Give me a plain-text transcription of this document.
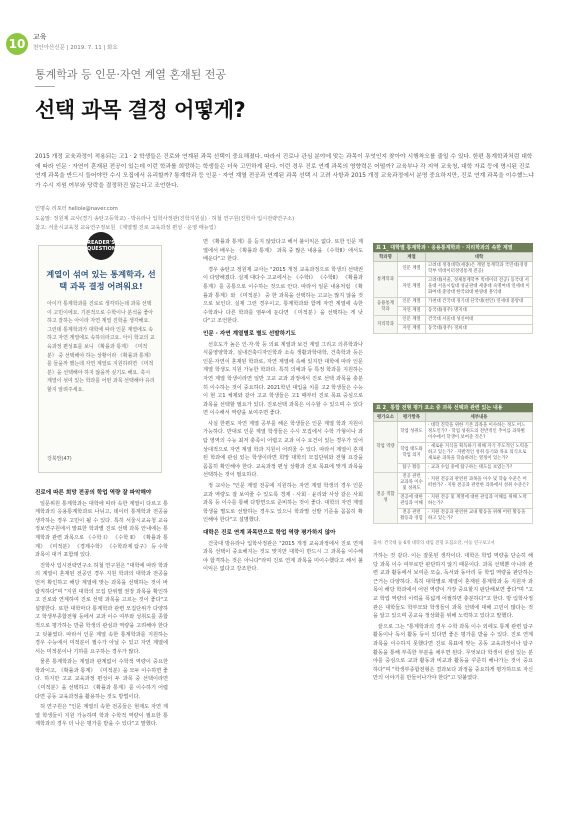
10	교육
천안아산신문 | 2019. 7. 11 | 화요
통계학과 등 인문·자연 계열 혼재된 전공
선택 과목 결정 어떻게?

2015 개정 교육과정이 적용되는 고1 · 2 학생들은 진로와 연계된 과목 선택이 중요해졌다. 따라서 진로나 관심 분야에 맞는 과목이 무엇인지 찾아야 시행착오를 줄일 수 있다. 한편 통계학과처럼 대학에 따라 인문 · 자연이 혼재된 전공이 있는데 이런 학과를 희망하는 학생들은 더욱 고민하게 된다. 이런 경우 진로 연계 과목의 영향력은 어떨까? 교육부나 각 지역 교육청, 대학 자료 등에 명시된 진로 연계 과목을 반드시 들어야만 수시 모집에서 유리할까? 통계학과 등 인문 · 자연 계열 전공과 연계된 과목 선택 시 고려 사항과 2015 개정 교육과정에서 분명 중요하지만, 진로 연계 과목을 이수했느냐가 수시 지원 여부와 당락을 결정하진 않는다고 조언한다.

인명숙 리포터 hellole@naver.com
도움말: 정원제 교사(경기 송탄고등학교) · 박유라나 입학사정관(진학지원실) · 허철 연구원(진학사 입시전략연구소)
참고: 서울시교육청 교육연구정보원 《계열별 진로 교육과정 편성 · 운영 매뉴얼》
READER'S
QUESTION
계열이 섞여 있는 통계학과, 선택 과목 결정 어려워요!
아이가 통계학과를 진로로 생각하는데 과목 선택이 고민이에요. 기본적으로 수학이나 분석을 좋아하고 잘하는 아이라 자연 계열 진학을 생각해요. 그런데 통계학과가 대학에 따라 인문 계열에도 속하고 자연 계열에도 속하더라고요. 아이 학교의 교육과정 편성표를 보니 《확률과 통계》 《미적분》 중 선택해야 하는 상황이라 《확률과 통계》를 들을까 했는데 자연 계열로 지원하려면 《미적분》을 선택해야 하지 않을까 싶기도 해요. 혹시 계열이 섞여 있는 학과를 어떤 과목 선택해야 유리할지 알려주세요.
강북맘(47)
진로에 따른 희망 전공의 학업 역량 잘 파악해야

일문위원 통계학과는 대학에 따라 속한 계열이 다르고 통계학과의 응용통계학과로 나뉘고, 데이터 통계학과 전공을 생각하는 경우 고민이 될 수 있다. 특히 서울시교육청 교육정보연구원에서 발표한 학과별 진로 선택 과목 안내에는 통계학과 관련 과목으로 《수학 Ⅰ》 《수학 Ⅱ》 《확률과 통계》 《미적분》 《경제수학》 《수학과제 탐구》 등 수학 과목이 대거 포함돼 있다.

진학사 입시전략연구소 허철 연구원은 "대학에 따라 학과의 계열이 혼재된 전공인 경우 지원 학과의 대학과 전공을 먼저 확인하고 해당 계열에 맞는 과목을 선택하는 것이 바람직하다"며 "지원 대학의 모집 단위별 권장 과목을 확인하고 진로와 연계하여 진로 선택 과목을 고르는 것이 좋다"고 설명한다. 또한 대학마다 통계학과 관련 모집단위가 다양하고 학생부종합전형 등에서 교과 이수 여부와 성취도를 종합적으로 평가하는 만큼 학생의 관심과 역량을 고려해야 한다고 덧붙였다. 따라서 인문 계열 속한 통계학과를 지원하는 경우 수능에서 미적분이 필수가 아닐 수 있고 자연 계열에서는 미적분이나 기하를 요구하는 경우가 많다.

물론 통계학과는 계열과 관계없이 수학적 역량이 중요한 학과이고, 《확률과 통계》 《미적분》을 모두 이수하면 좋다. 하지만 고교 교육과정 편성이 두 과목 중 선택이라면 《미적분》을 선택하고 《확률과 통계》를 이수하기 어렵다면 공동 교육과정을 활용하는 것도 방법이다.

허 연구원은 "인문 계열의 속한 전공들은 현재도 자연 계열 학생들이 지원 가능하며 학과 수학적 역량이 필요한 통계학과의 경우 더 나은 평가를 받을 수 있다"고 말했다.

면 《확률과 통계》를 듣지 않았다고 해서 불이익은 없다. 또한 인문 계열에서 배우는 《확률과 통계》 과목 중 많은 내용을 《수학Ⅱ》에서도 배운다"고 한다.

경우 송탄고 정원제 교사는 "2015 개정 교육과정으로 학생의 선택권이 다양해졌다. 실제 대다수 고교에서는 《수학Ⅰ》 《수학Ⅱ》 《확률과 통계》를 공통으로 이수하는 것으로 안다. 따라서 일문 내용처럼 《확률과 통계》와 《미적분》 중 한 과목을 선택하는 고교는 많지 않을 것으로 보인다. 실제 그런 경우이고, 통계학과와 함께 자연 계열에 속한 수학과나 다른 학과를 염두에 둔다면 《미적분》을 선택하는 게 낫다"고 조언한다.

인문 · 자연 계열별로 별도 선발하기도

선호도가 높은 인·자·학 등 의료 계열과 보건 계열 그리고 의류학과나 식품영양학과, 실내건축디자인학과 소속 생활과학대학, 건축학과 등은 인문·자연이 혼재된 학과로, 자연 계열에 속해 있지만 대학에 따라 인문 계열 학생도 지원 가능한 학과다. 특히 의예과 등 특정 학과를 지원하는 자연 계열 학생이라면 일반 고교 교과 과정에서 진로 선택 과목을 충분히 이수하는 것이 중요하다. 2021학년 대입을 치를 고2 학생들은 수능이 현 고1 체제와 같아 고교 학생들은 고1 때부터 진로 목표 중심으로 과목을 선택할 필요가 있다. 진로선택 과목은 이수할 수 있으며 수 있다면 이수해서 역량을 보여주면 좋다.

사실 한편도 자연 계열 공부를 해온 학생들은 인문 계열 학과 지원이 가능하다. 반대로 인문 계열 학생들은 수시 모집에서 수학 가형이나 과탐 영역의 수능 최저 충족이 어렵고 교과 이수 요건이 있는 경우가 있어 상대적으로 자연 계열 학과 지원이 어려울 수 있다. 따라서 계열이 혼재된 학과에 관심 있는 학생이라면 희망 대학의 모집단위와 전형 요강을 꼼꼼히 확인해야 한다. 교육과정 편성 상황과 진로 목표에 맞게 과목을 선택하는 것이 필요하다.

정 교사는 "인문 계열 전공에 지원하는 자연 계열 학생의 경우 인문 교과 역량도 잘 보여줄 수 있도록 경제 · 사회 · 윤리와 사상 같은 사회 과목 등 이수를 통해 다방면으로 준비하는 것이 좋다. 대학의 자연 계열 학생을 별도로 선발하는 경우도 있으니 학과별 선발 기준을 꼼꼼히 확인해야 한다"고 설명했다.

대학은 진로 연계 과목만으로 학업 역량 평가하지 않아

건국대 방유라나 입학사정관은 "2015 개정 교육과정에서 진로 연계 과목 선택이 중요해지는 것도 맞지만 대학이 반드시 그 과목을 이수해야 합격하는 것은 아니다"라며 진로 연계 과목을 미이수했다고 해서 불이익은 없다고 강조한다.

표 1_ 대학별 통계학과 · 응용통계학과 · 지리학과의 속한 계열
학과명	계열	대학
통계학과	인문 계열	고려대 정경대학(세종)은 계열 통계학과 국민대(경영학부 빅데이터경영통계 전공)
	자연 계열	고려대(서울, 경제통계학부 빅데이터 전공) 동국대 서울대 서울시립대 성균관대 세종대 숙명여대 연세대 이화여대 중앙대 한국외대 한양대 홍익대
응용통계학과	인문 계열	가천대 건국대 경기대 단국대(천안) 연세대 중앙대
	자연 계열	동국대(경주) 명지대
지리학과	인문 계열	건국대 서울대 성신여대
	자연 계열	동국대(경주) 경희대
표 2_ 통합 전형 평가 요소 중 과목 선택과 관련 있는 내용
평가요소	평가항목	세부내용
학업 역량	학업 성취도	· 대학 진학을 위한 기본 과목을 이수하는 정도 어느 정도인가? · 학업 성취도의 전반적인 추이를 과목별 이수에서 학생이 보여준 것은?
	학업 태도와 학업 의지	· 새로운 지식을 획득하기 위해 자기 주도적인 노력을 하고 있는가? · 자발적인 성취 동기와 목표 의식으로 새로운 과목을 학습하려는 열정이 있는가?
	탐구 활동	· 교과 수업 중에 탐구하는 태도를 보였는가?
전공 적합성	전공 관련 교과목 이수 및 성취도	· 지원 전공과 관련된 과목을 이수 및 학습 수준은 어떠한가? · 지원 전공과 관련한 과목에서 성취 수준은?
	전공에 대한 관심과 이해	· 지원 전공 및 계열에 대한 관심과 이해를 위해 노력하는가?
	전공 관련 활동과 경험	· 지원 전공과 관련한 교내 활동을 위해 어떤 활동을 하고 있는가?
출처: 건국대 등 6개 대학의 대입 전형 모집요강, 이동 연구보고서

가하는 것 같다. 이는 잘못된 생각이다. 대학은 학업 역량을 단순히 해당 과목 이수 여부로만 판단하지 않기 때문이다. 과목 선택뿐 아니라 관련 교과 활동에서 보여준 모습, 독서와 동아리 등 학업 역량을 판단하는 근거는 다양하다. 특히 대학별로 계열이 혼재된 통계학과 등 지원자 과목이 해당 학과에서 어떤 역량이 가장 중요할지 판단해보면 좋다"며 "고교 학업 역량의 이력을 폭넓게 어필하면 충분하다"고 한다. 방 입학사정관은 대학들도 학부모와 학생들이 과목 선택에 대해 고민이 많다는 것을 알고 있으며 공교육 정상화를 위해 노력하고 있다고 말했다.

끝으로 그는 "통계학과의 경우 수학 과목 이수 외에도 통계 관련 탐구 활동이나 독서 활동 등이 있다면 좋은 평가를 받을 수 있다. 진로 연계 과목을 이수하지 못했다면 진로 목표에 맞는 공동 교육과정이나 탐구 활동을 통해 부족한 부분을 채우면 된다. 무엇보다 학생이 관심 있는 분야를 중심으로 교과 활동과 비교과 활동을 꾸준히 해나가는 것이 중요하다"며 "학생부종합전형은 결과보다 과정을 중요하게 평가하므로 자신만의 이야기를 만들어나가야 한다"고 덧붙였다.
